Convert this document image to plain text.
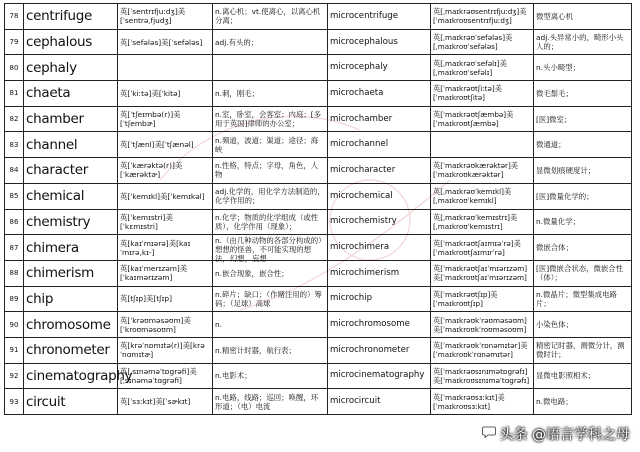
78	centrifuge	英[ˈsentrɪfjuːdʒ]美[ˈsentrəˌfjudʒ]	n.离心机；vt.使离心，以离心机分离；	microcentrifuge	英[ˌmaɪkrəʊsentrɪfjuːdʒ]美[ˈmaɪkroʊsentrɪfjuːdʒ]	微型离心机

79	cephalous	英[ˈsefələs]美[ˈsefələs]	adj.有头的；	microcephalous	英[ˌmaɪkrəʊˈsefələs]美[ˌmaɪkroʊˈsefələs]	adj.头异常小的，畸形小头人的；

80	cephaly			microcephaly	英[ˌmaɪkrəʊˈsefəlɪ]美[ˌmaɪkroʊˈsefəlɪ]	n.头小畸型；

81	chaeta	英[ˈkiːtə]美[ˈkitə]	n.刺，刚毛；	microchaeta	英[ˈmaɪkrəʊtʃiːtə]美[ˈmaɪkroʊtʃitə]	微毛鬃毛；

82	chamber	英[ˈtʃeɪmbə(r)]美[ˈtʃembɚ]	n.室，卧室，会客室；内庭；[多用于英国]律师的办公室；	microchamber	英[ˈmaɪkrəʊtʃæmbə]美[ˈmaɪkroʊtʃæmbə]	[医]微室；

83	channel	英[ˈtʃænl]美[ˈtʃænəl]	n.频道，波道；渠道；途径；海峡	microchannel		微通道；

84	character	英[ˈkærəktə(r)]美[ˈkærəktɚ]	n.性格，特点；字母，角色，人物	microcharacter	英[ˈmaɪkrəʊkærəktər]美[ˈmaɪkroʊkærəktər]	显微划痕硬度计；

85	chemical	英[ˈkemɪkl]美[ˈkemɪkəl]	adj.化学的，用化学方法制造的，化学作用的；	microchemical	英[ˌmaɪkrəʊˈkemɪkl]美[ˌmaɪkroʊˈkemɪkl]	[医]微量化学的；

86	chemistry	英[ˈkemɪstri]美[ˈkɛmɪstri]	n.化学；物质的化学组成（或性质），化学作用（现象）；	microchemistry	英[ˌmaɪkrəʊˈkemɪstrɪ]美[ˌmaɪkroʊˈkemɪstrɪ]	n.微量化学；

87	chimera	英[kaɪˈmɪərə]美[kaɪˈmɪrə,kɪ-]	n.（由几种动物的各部分构成的）想想的怪兽，不可能实现的想法，幻想，妄想	microchimera	英[ˈmaɪkrəʊtʃaɪmɪəˈrə]美[ˈmaɪkroʊtʃaɪmɪrˈrə]	微嵌合体；

88	chimerism	英[kaɪˈmerɪzəm]美[ˈkaɪmərɪzəm]	n.嵌合现象，嵌合性；	microchimerism	英[ˈmaɪkrəʊtʃaɪˈmɪərɪzəm]美[ˈmaɪkroʊtʃaɪˈmɪərɪzəm]	[医]微嵌合状态，微嵌合性（体）；

89	chip	英[tʃɪp]美[tʃɪp]	n.碎片；缺口；（作赌注用的）筹码；（足球）高球	microchip	英[ˈmaɪkrəʊtʃɪp]美[ˈmaɪkroʊtʃɪp]	n.微晶片；微型集成电路片；

90	chromosome	英[ˈkrəʊməsəʊm]美[ˈkroʊməsoʊm]	n.	microchromosome	英[ˈmaɪkrəʊkˈrəʊməsəʊm]美[ˈmaɪkroʊkˈroʊməsoʊm]	小染色体；

91	chronometer	英[krəˈnɒmɪtə(r)]美[krəˈnɑmɪtɚ]	n.精密计时器，航行表；	microchronometer	英[ˈmaɪkrəʊkˈrɒnəmɪtər]美[ˈmaɪkroʊkˈrɑnəmɪtər]	精密记时器，测微分计，测微时计；

92	cinematography	英[ˌsɪnəməˈtɒgrəfi]美[ˌsɪnəməˈtɑgrəfi]	n.电影术；	microcinematography	英[ˈmaɪkrəʊsɪnɪmətɒgrəfɪ]美[ˈmaɪkroʊsɪnɪməˈtɑgrəfɪ]	显微电影照相术；

93	circuit	英[ˈsɜːkɪt]美[ˈsɚkɪt]	n.电路，线路；巡回；唤醒，环形道；（电）电流	microcircuit	英[ˈmaɪkrəʊsɜːkɪt]美[ˈmaɪkroʊsɜːkɪt]	n.微电路；
头条 @语言学科之母
